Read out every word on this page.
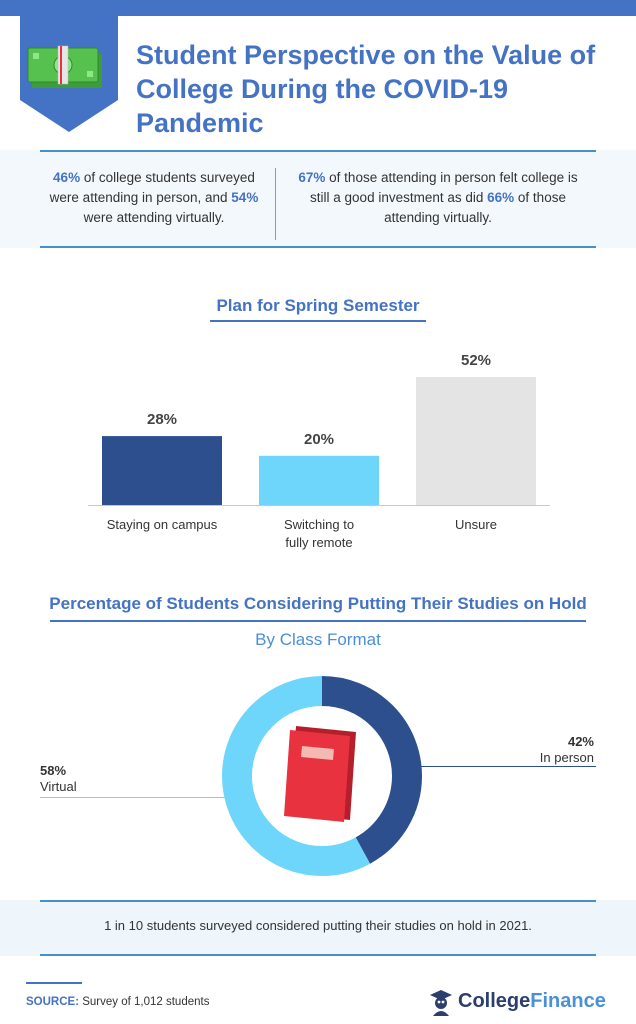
Student Perspective on the Value of
College During the COVID-19 Pandemic
46% of college students surveyed were attending in person, and 54% were attending virtually.
67% of those attending in person felt college is still a good investment as did 66% of those attending virtually.
Plan for Spring Semester
28%
Staying on campus
20%
Switching to
fully remote
52%
Unsure
Percentage of Students Considering Putting Their Studies on Hold
By Class Format
42%
In person
58%
Virtual
1 in 10 students surveyed considered putting their studies on hold in 2021.
SOURCE: Survey of 1,012 students	CollegeFinance
